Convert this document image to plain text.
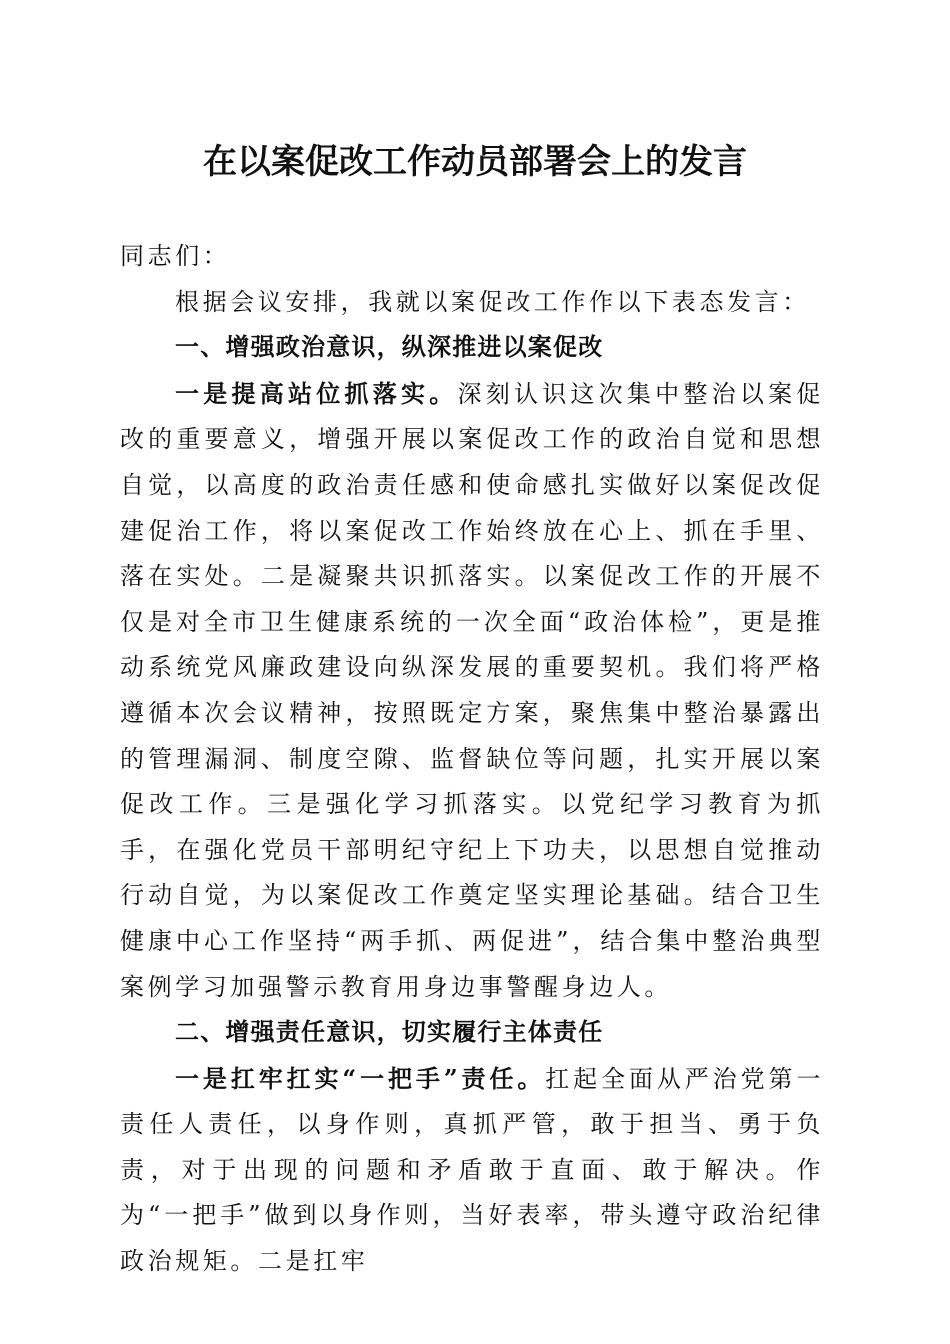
在以案促改工作动员部署会上的发言

同志们：

根据会议安排，我就以案促改工作作以下表态发言：

一、增强政治意识，纵深推进以案促改

一是提高站位抓落实。深刻认识这次集中整治以案促改的重要意义，增强开展以案促改工作的政治自觉和思想自觉，以高度的政治责任感和使命感扎实做好以案促改促建促治工作，将以案促改工作始终放在心上、抓在手里、落在实处。二是凝聚共识抓落实。以案促改工作的开展不仅是对全市卫生健康系统的一次全面“政治体检”，更是推动系统党风廉政建设向纵深发展的重要契机。我们将严格遵循本次会议精神，按照既定方案，聚焦集中整治暴露出的管理漏洞、制度空隙、监督缺位等问题，扎实开展以案促改工作。三是强化学习抓落实。以党纪学习教育为抓手，在强化党员干部明纪守纪上下功夫，以思想自觉推动行动自觉，为以案促改工作奠定坚实理论基础。结合卫生健康中心工作坚持“两手抓、两促进”，结合集中整治典型案例学习加强警示教育用身边事警醒身边人。

二、增强责任意识，切实履行主体责任

一是扛牢扛实“一把手”责任。扛起全面从严治党第一责任人责任，以身作则，真抓严管，敢于担当、勇于负责，对于出现的问题和矛盾敢于直面、敢于解决。作为“一把手”做到以身作则，当好表率，带头遵守政治纪律政治规矩。二是扛牢
